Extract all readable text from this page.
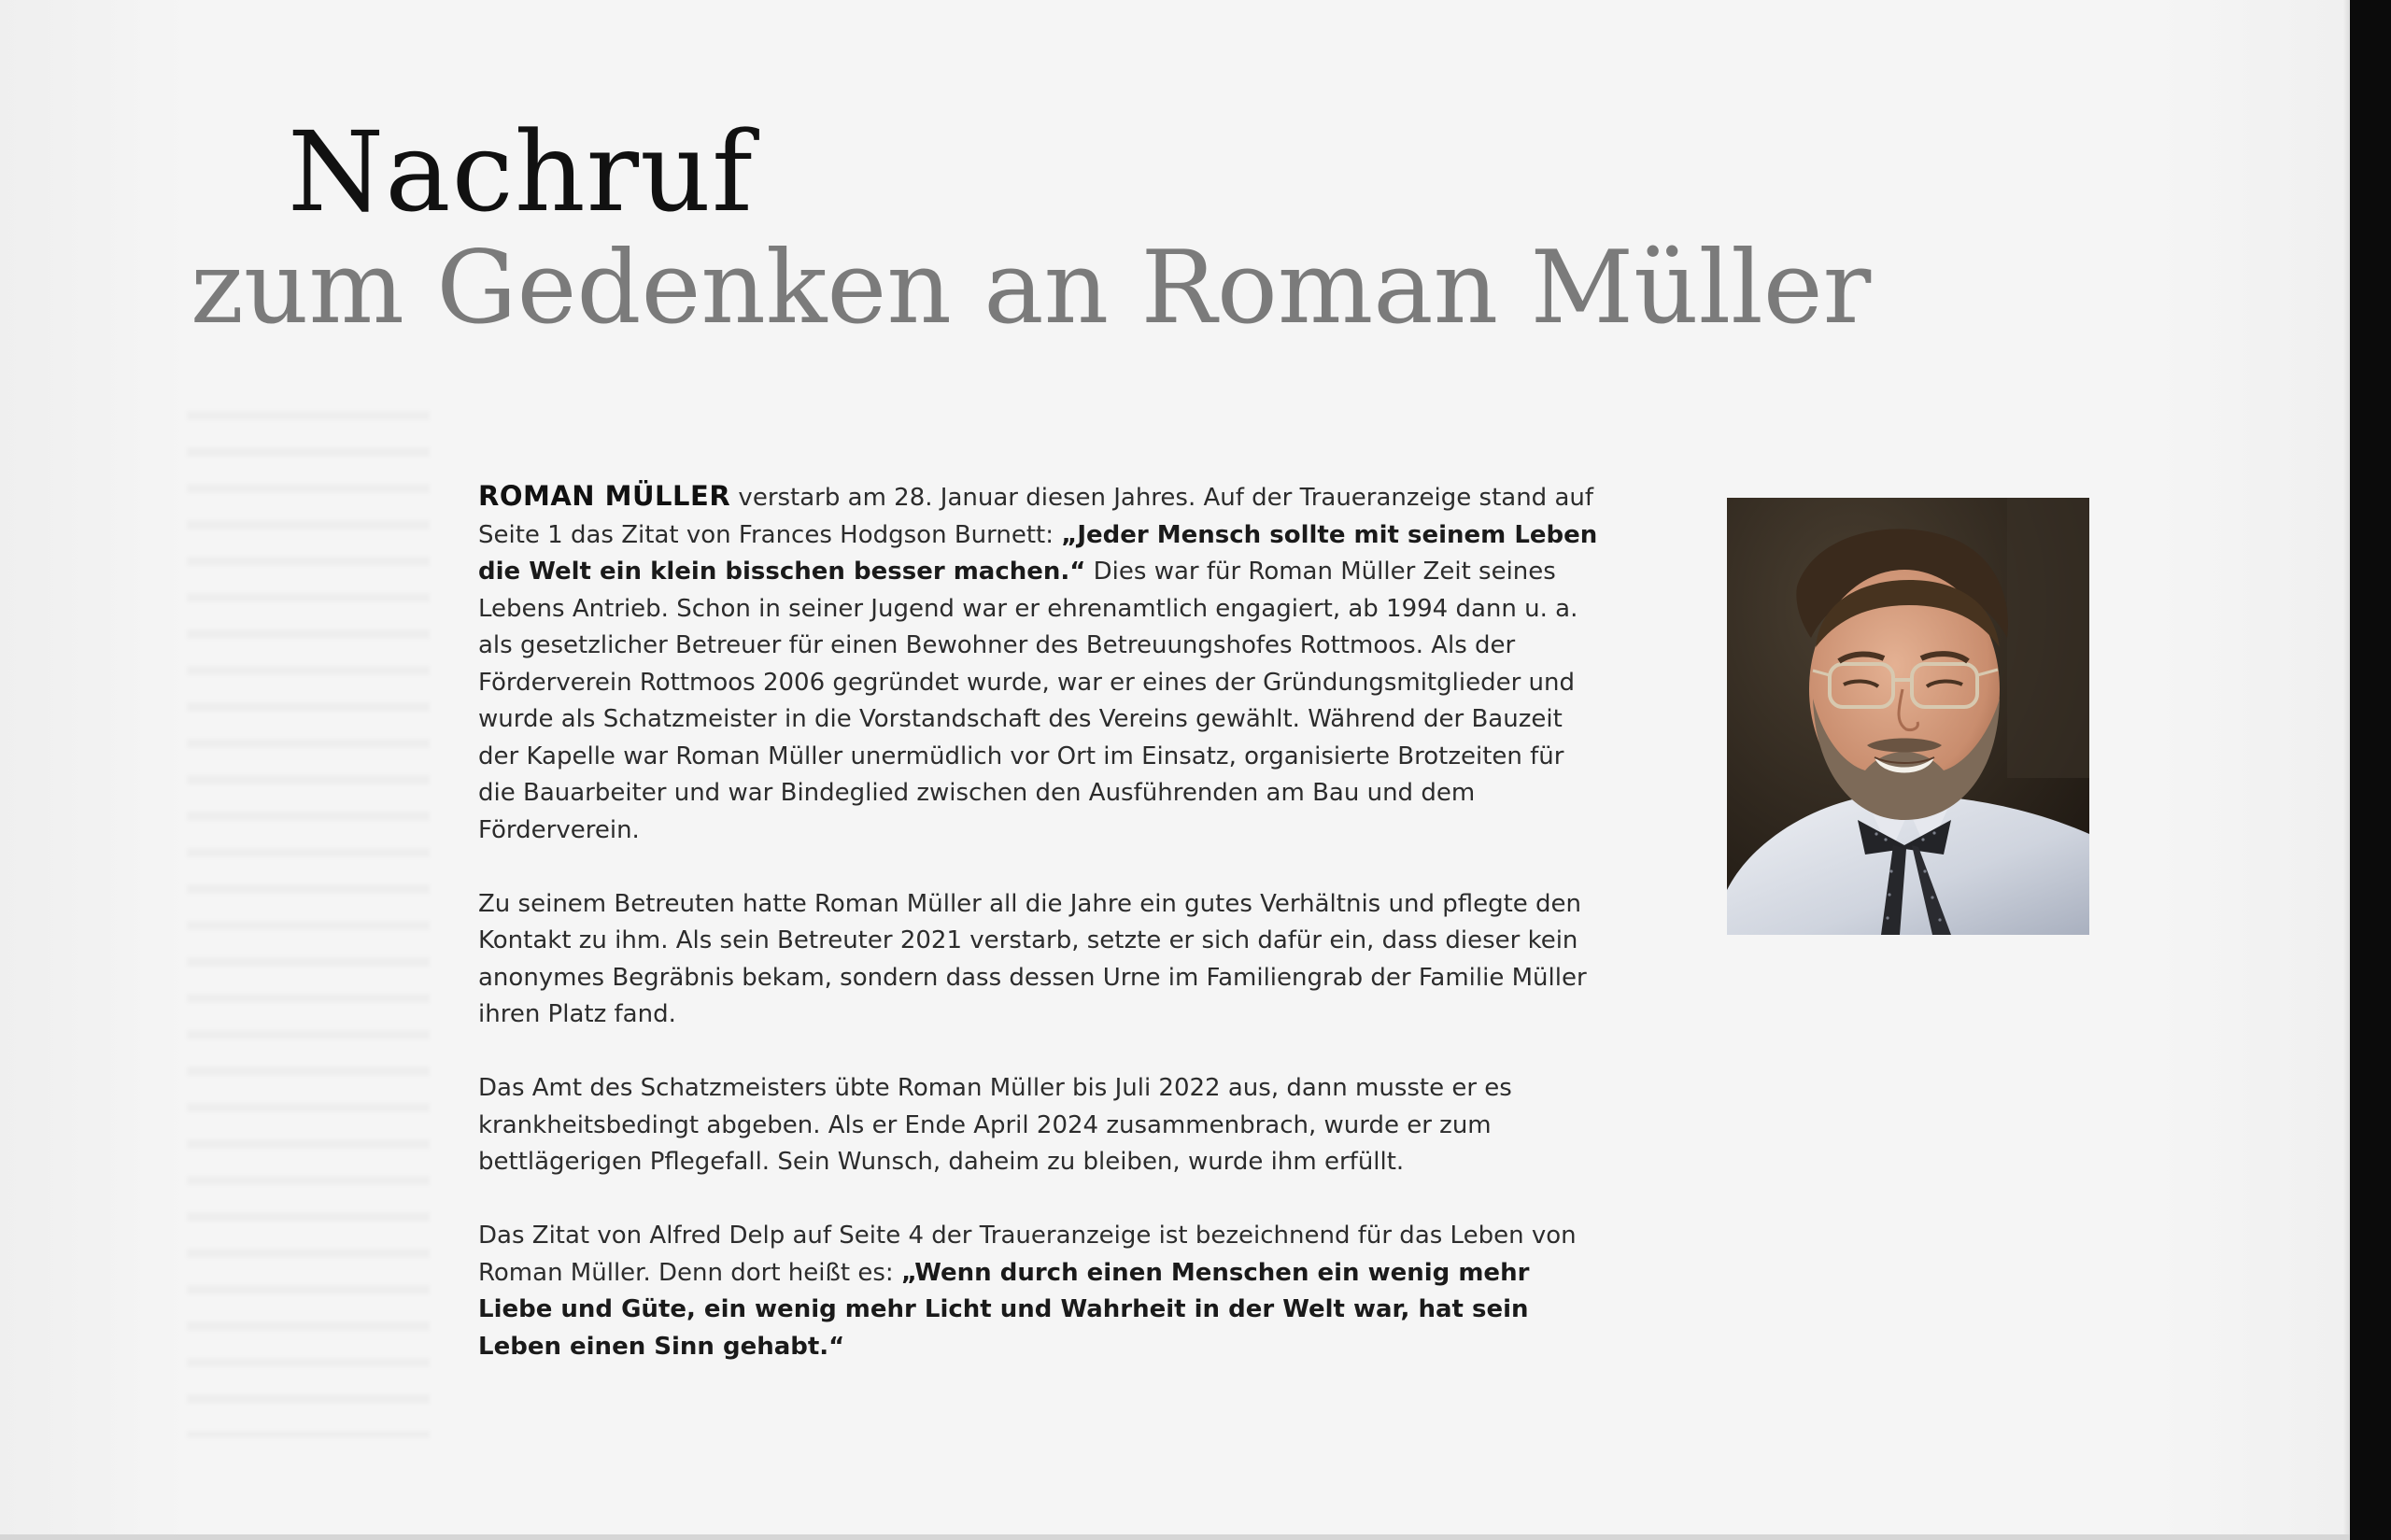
Nachruf
zum Gedenken an Roman Müller

ROMAN MÜLLER verstarb am 28. Januar diesen Jahres. Auf der Traueranzeige stand auf Seite 1 das Zitat von Frances Hodgson Burnett: „Jeder Mensch sollte mit seinem Leben die Welt ein klein bisschen besser machen.“ Dies war für Roman Müller Zeit seines Lebens Antrieb. Schon in seiner Jugend war er ehrenamtlich engagiert, ab 1994 dann u. a. als gesetzlicher Betreuer für einen Bewohner des Betreuungshofes Rottmoos. Als der Förderverein Rottmoos 2006 gegründet wurde, war er eines der Gründungsmitglieder und wurde als Schatzmeister in die Vorstandschaft des Vereins gewählt. Während der Bauzeit der Kapelle war Roman Müller unermüdlich vor Ort im Einsatz, organisierte Brotzeiten für die Bauarbeiter und war Bindeglied zwischen den Ausführenden am Bau und dem Förderverein.

Zu seinem Betreuten hatte Roman Müller all die Jahre ein gutes Verhältnis und pflegte den Kontakt zu ihm. Als sein Betreuter 2021 verstarb, setzte er sich dafür ein, dass dieser kein anonymes Begräbnis bekam, sondern dass dessen Urne im Familiengrab der Familie Müller ihren Platz fand.

Das Amt des Schatzmeisters übte Roman Müller bis Juli 2022 aus, dann musste er es krankheitsbedingt abgeben. Als er Ende April 2024 zusammenbrach, wurde er zum bettlägerigen Pflegefall. Sein Wunsch, daheim zu bleiben, wurde ihm erfüllt.

Das Zitat von Alfred Delp auf Seite 4 der Traueranzeige ist bezeichnend für das Leben von Roman Müller. Denn dort heißt es: „Wenn durch einen Menschen ein wenig mehr Liebe und Güte, ein wenig mehr Licht und Wahrheit in der Welt war, hat sein Leben einen Sinn gehabt.“
